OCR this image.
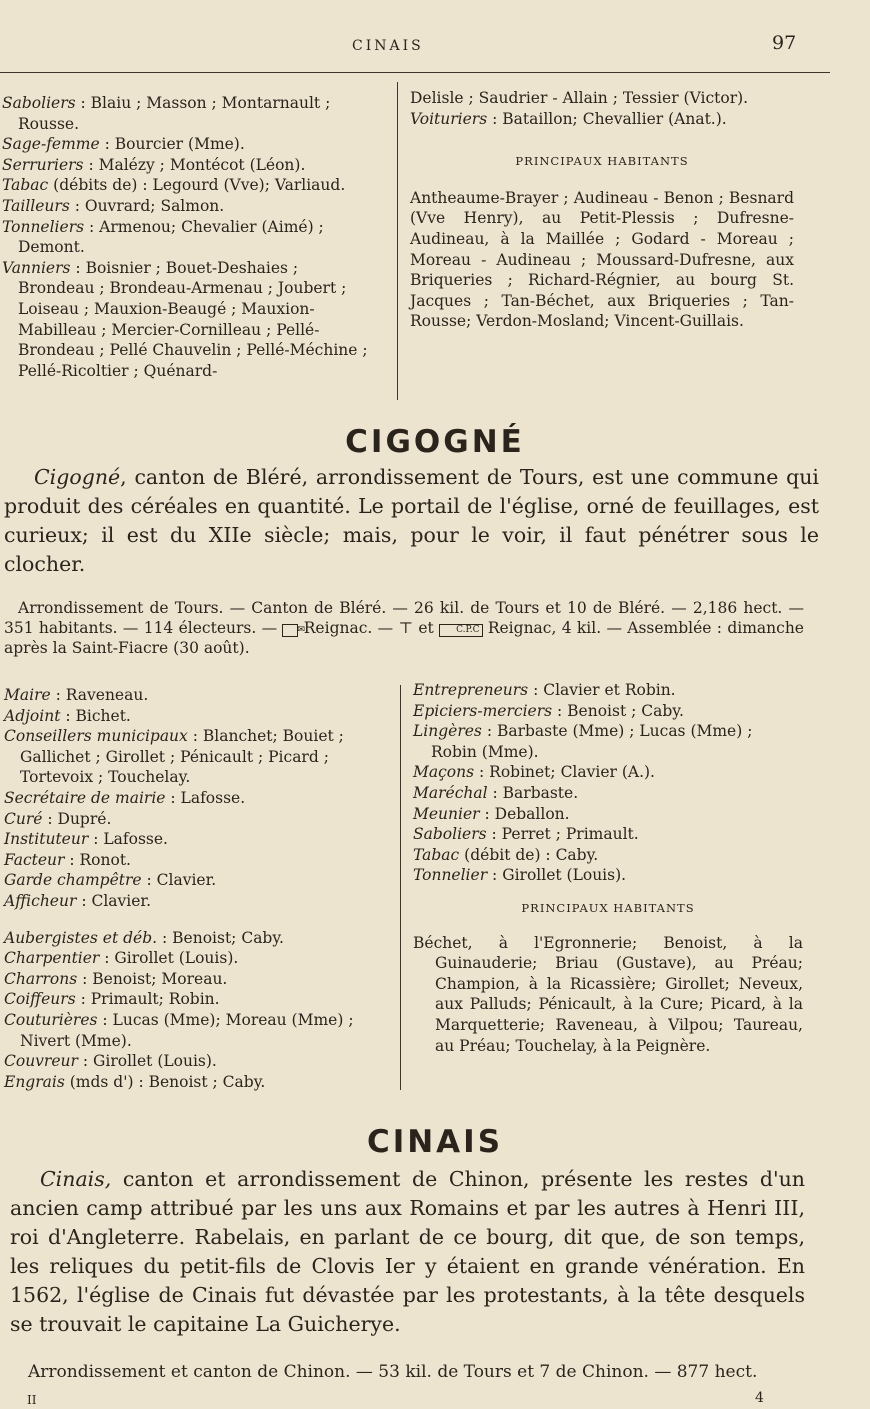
CINAIS	97

Saboliers : Blaiu ; Masson ; Montarnault ; Rousse.

Sage-femme : Bourcier (Mme).

Serruriers : Malézy ; Montécot (Léon).

Tabac (débits de) : Legourd (Vve); Varliaud.

Tailleurs : Ouvrard; Salmon.

Tonneliers : Armenou; Chevalier (Aimé) ; Demont.

Vanniers : Boisnier ; Bouet-Deshaies ; Brondeau ; Brondeau-Armenau ; Joubert ; Loiseau ; Mauxion-Beaugé ; Mauxion-Mabilleau ; Mercier-Cornilleau ; Pellé-Brondeau ; Pellé Chauvelin ; Pellé-Méchine ; Pellé-Ricoltier ; Quénard-

Delisle ; Saudrier - Allain ; Tessier (Victor).

Voituriers : Bataillon; Chevallier (Anat.).

PRINCIPAUX HABITANTS

Antheaume-Brayer ; Audineau - Benon ; Besnard (Vve Henry), au Petit-Plessis ; Dufresne-Audineau, à la Maillée ; Godard - Moreau ; Moreau - Audineau ; Moussard-Dufresne, aux Briqueries ; Richard-Régnier, au bourg St. Jacques ; Tan-Béchet, aux Briqueries ; Tan-Rousse; Verdon-Mosland; Vincent-Guillais.

CIGOGNÉ
Cigogné, canton de Bléré, arrondissement de Tours, est une commune qui produit des céréales en quantité. Le portail de l'église, orné de feuillages, est curieux; il est du XIIe siècle; mais, pour le voir, il faut pénétrer sous le clocher.
Arrondissement de Tours. — Canton de Bléré. — 26 kil. de Tours et 10 de Bléré. — 2,186 hect. — 351 habitants. — 114 électeurs. — ✉ Reignac. — ⊤ et C.P.C Reignac, 4 kil. — Assemblée : dimanche après la Saint-Fiacre (30 août).

Maire : Raveneau.

Adjoint : Bichet.

Conseillers municipaux : Blanchet; Bouiet ; Gallichet ; Girollet ; Pénicault ; Picard ; Tortevoix ; Touchelay.

Secrétaire de mairie : Lafosse.

Curé : Dupré.

Instituteur : Lafosse.

Facteur : Ronot.

Garde champêtre : Clavier.

Afficheur : Clavier.

Aubergistes et déb. : Benoist; Caby.

Charpentier : Girollet (Louis).

Charrons : Benoist; Moreau.

Coiffeurs : Primault; Robin.

Couturières : Lucas (Mme); Moreau (Mme) ; Nivert (Mme).

Couvreur : Girollet (Louis).

Engrais (mds d') : Benoist ; Caby.

Entrepreneurs : Clavier et Robin.

Epiciers-merciers : Benoist ; Caby.

Lingères : Barbaste (Mme) ; Lucas (Mme) ; Robin (Mme).

Maçons : Robinet; Clavier (A.).

Maréchal : Barbaste.

Meunier : Deballon.

Saboliers : Perret ; Primault.

Tabac (débit de) : Caby.

Tonnelier : Girollet (Louis).

PRINCIPAUX HABITANTS

Béchet, à l'Egronnerie; Benoist, à la Guinauderie; Briau (Gustave), au Préau; Champion, à la Ricassière; Girollet; Neveux, aux Palluds; Pénicault, à la Cure; Picard, à la Marquetterie; Raveneau, à Vilpou; Taureau, au Préau; Touchelay, à la Peignère.

CINAIS
Cinais, canton et arrondissement de Chinon, présente les restes d'un ancien camp attribué par les uns aux Romains et par les autres à Henri III, roi d'Angleterre. Rabelais, en parlant de ce bourg, dit que, de son temps, les reliques du petit-fils de Clovis Ier y étaient en grande vénération. En 1562, l'église de Cinais fut dévastée par les protestants, à la tête desquels se trouvait le capitaine La Guicherye.
Arrondissement et canton de Chinon. — 53 kil. de Tours et 7 de Chinon. — 877 hect.
II	4
